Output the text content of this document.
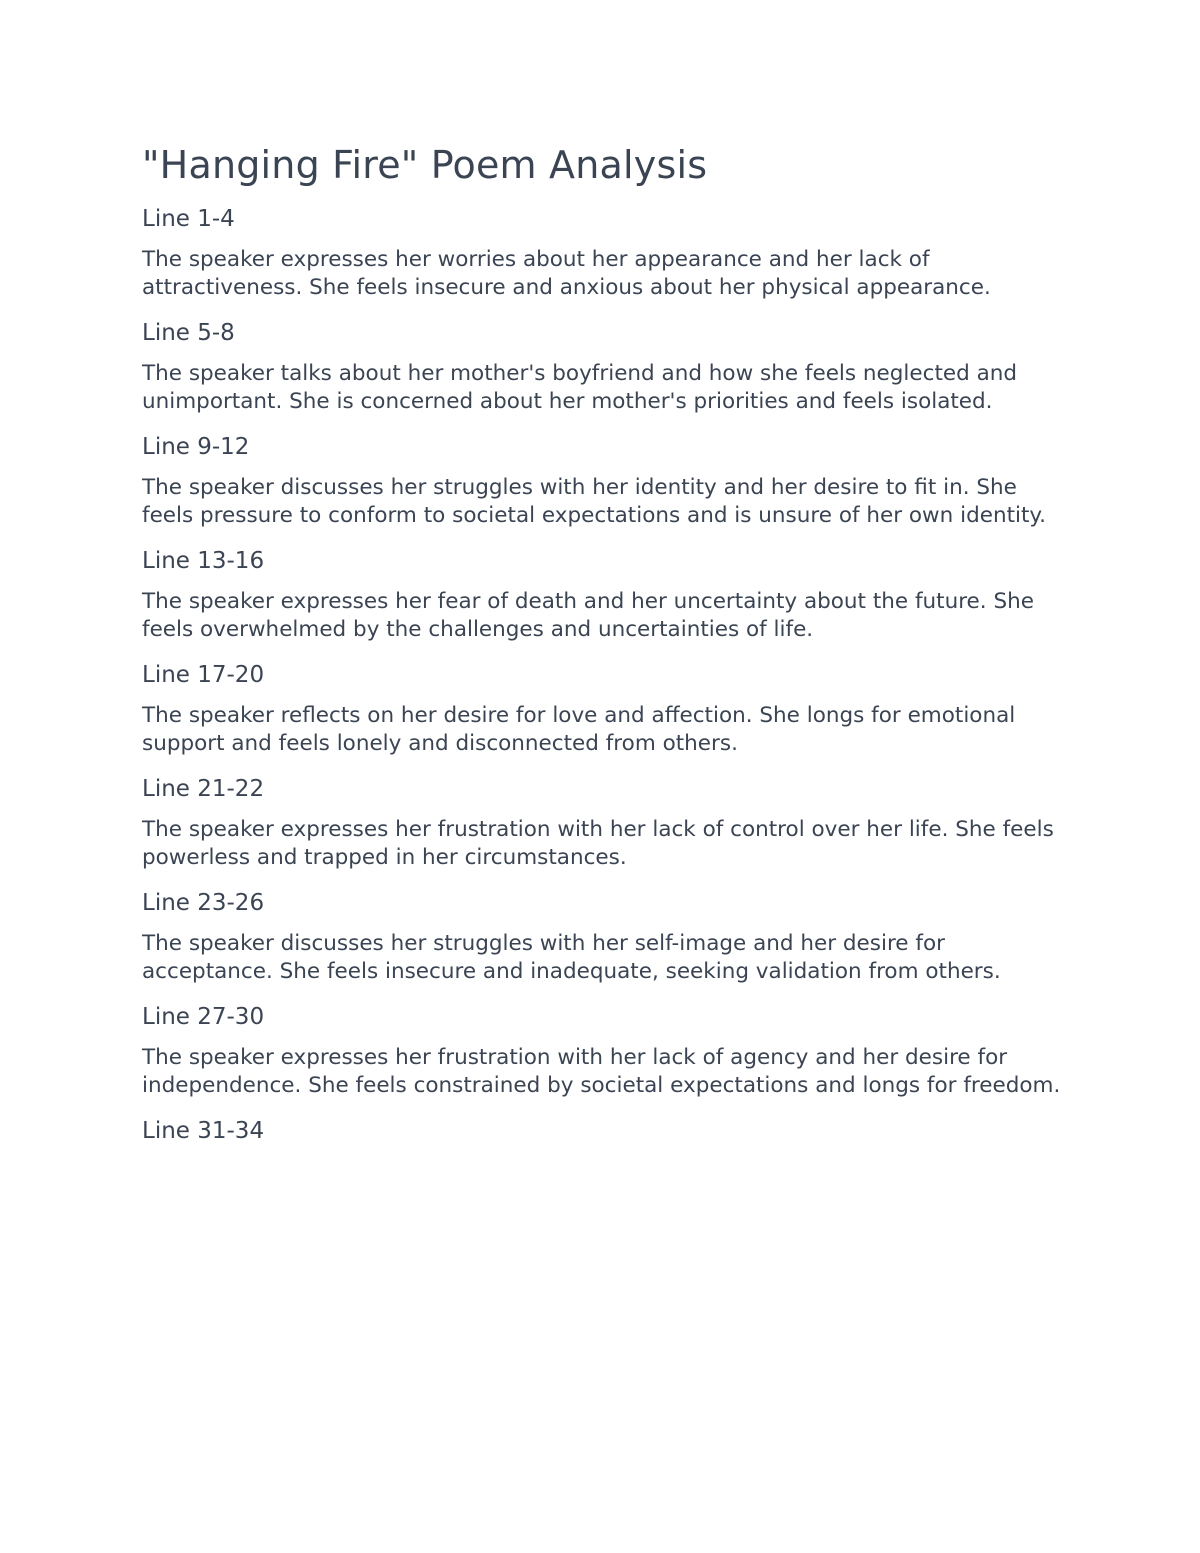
"Hanging Fire" Poem Analysis
Line 1-4

The speaker expresses her worries about her appearance and her lack of attractiveness. She feels insecure and anxious about her physical appearance.

Line 5-8

The speaker talks about her mother's boyfriend and how she feels neglected and unimportant. She is concerned about her mother's priorities and feels isolated.

Line 9-12

The speaker discusses her struggles with her identity and her desire to fit in. She feels pressure to conform to societal expectations and is unsure of her own identity.

Line 13-16

The speaker expresses her fear of death and her uncertainty about the future. She feels overwhelmed by the challenges and uncertainties of life.

Line 17-20

The speaker reflects on her desire for love and affection. She longs for emotional support and feels lonely and disconnected from others.

Line 21-22

The speaker expresses her frustration with her lack of control over her life. She feels powerless and trapped in her circumstances.

Line 23-26

The speaker discusses her struggles with her self-image and her desire for acceptance. She feels insecure and inadequate, seeking validation from others.

Line 27-30

The speaker expresses her frustration with her lack of agency and her desire for independence. She feels constrained by societal expectations and longs for freedom.

Line 31-34
